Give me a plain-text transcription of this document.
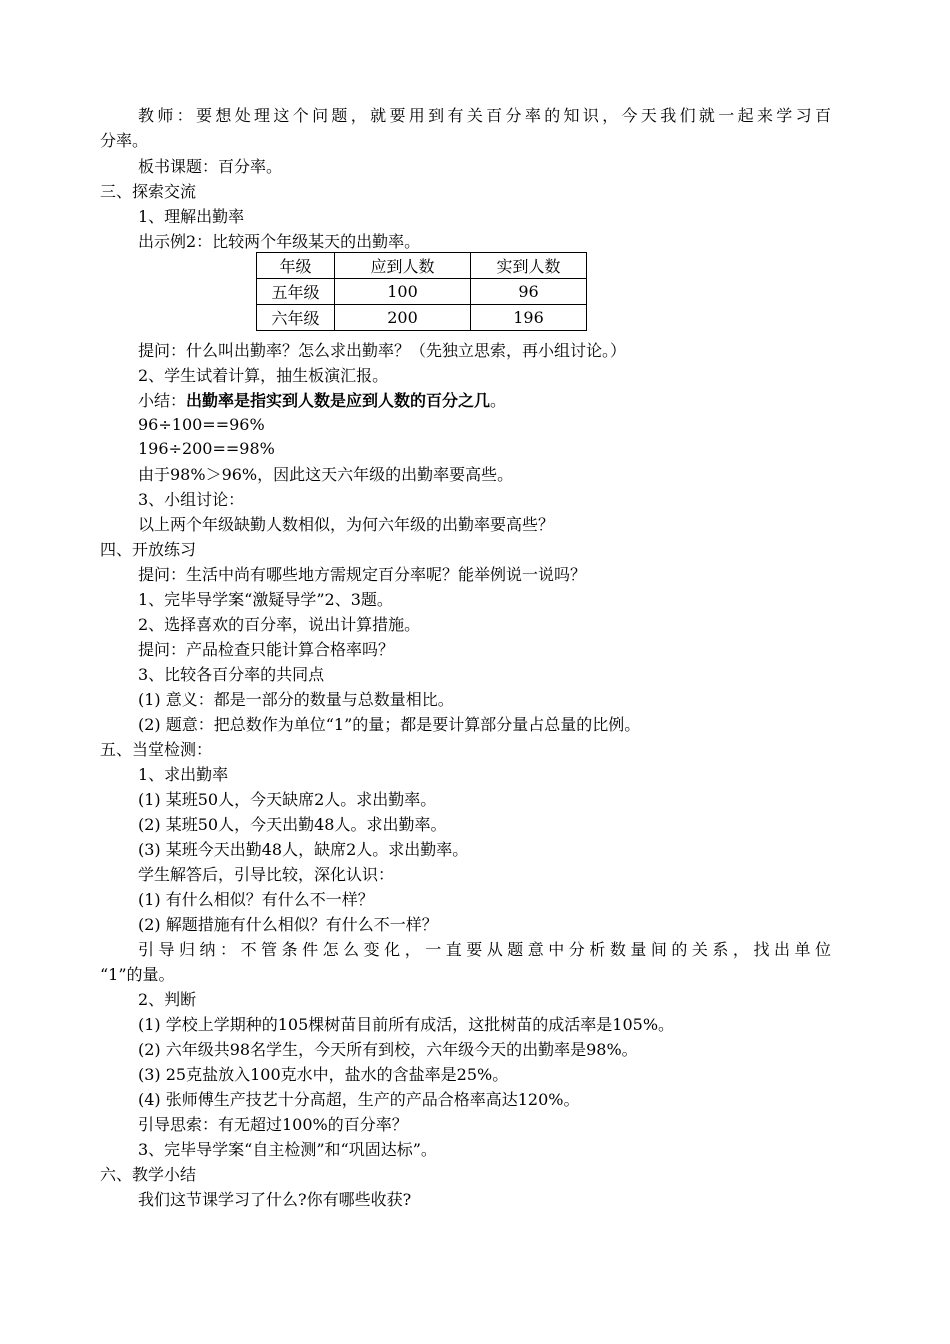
教师：要想处理这个问题，就要用到有关百分率的知识，今天我们就一起来学习百
分率。
板书课题：百分率。
三、探索交流
1、理解出勤率
出示例2：比较两个年级某天的出勤率。
年级	应到人数	实到人数
五年级	100	96
六年级	200	196
提问：什么叫出勤率？怎么求出勤率？（先独立思索，再小组讨论。）
2、学生试着计算，抽生板演汇报。
小结：出勤率是指实到人数是应到人数的百分之几。
96÷100==96%
196÷200==98%
由于98%＞96%，因此这天六年级的出勤率要高些。
3、小组讨论：
以上两个年级缺勤人数相似，为何六年级的出勤率要高些？
四、开放练习
提问：生活中尚有哪些地方需规定百分率呢？能举例说一说吗？
1、完毕导学案“激疑导学”2、3题。
2、选择喜欢的百分率，说出计算措施。
提问：产品检查只能计算合格率吗？
3、比较各百分率的共同点
(1) 意义：都是一部分的数量与总数量相比。
(2) 题意：把总数作为单位“1”的量；都是要计算部分量占总量的比例。
五、当堂检测：
1、求出勤率
(1) 某班50人，今天缺席2人。求出勤率。
(2) 某班50人，今天出勤48人。求出勤率。
(3) 某班今天出勤48人，缺席2人。求出勤率。
学生解答后，引导比较，深化认识：
(1) 有什么相似？有什么不一样？
(2) 解题措施有什么相似？有什么不一样？
引导归纳：不管条件怎么变化，一直要从题意中分析数量间的关系，找出单位
“1”的量。
2、判断
(1) 学校上学期种的105棵树苗目前所有成活，这批树苗的成活率是105%。
(2) 六年级共98名学生，今天所有到校，六年级今天的出勤率是98%。
(3) 25克盐放入100克水中，盐水的含盐率是25%。
(4) 张师傅生产技艺十分高超，生产的产品合格率高达120%。
引导思索：有无超过100%的百分率？
3、完毕导学案“自主检测”和“巩固达标”。
六、教学小结
我们这节课学习了什么?你有哪些收获?
